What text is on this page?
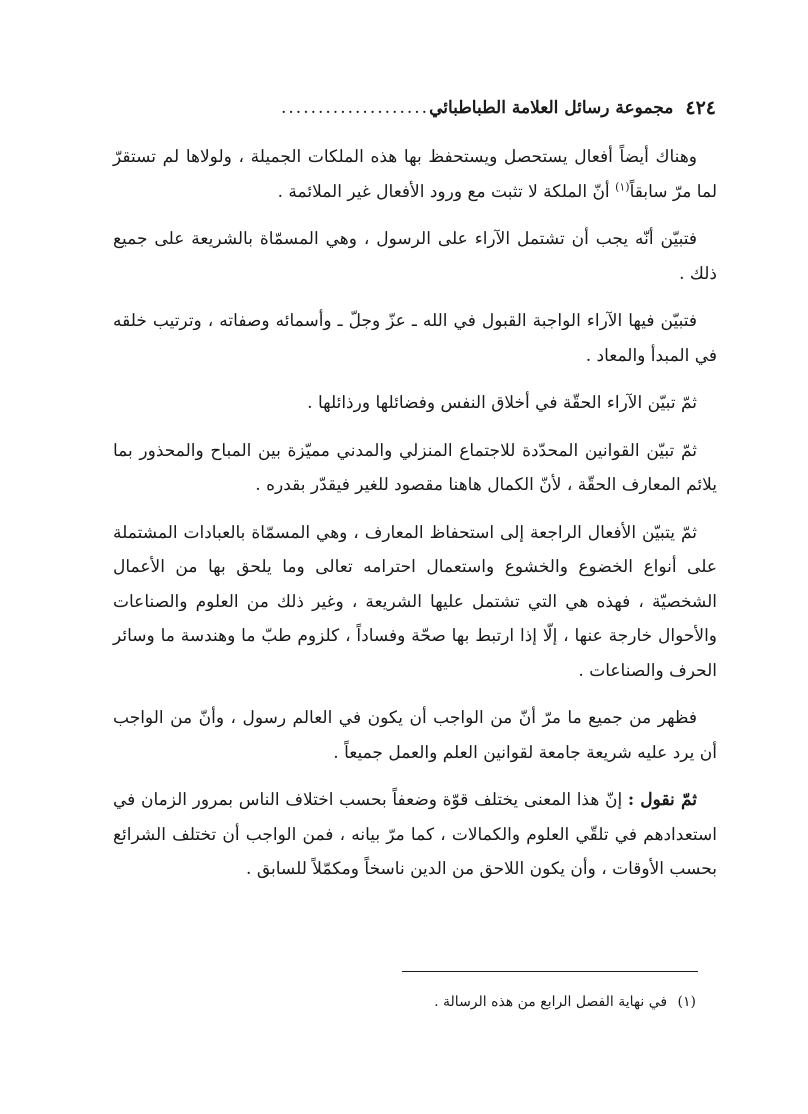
٤٢٤
مجموعة رسائل العلامة الطباطبائي
....................

وهناك أيضاً أفعال يستحصل ويستحفظ بها هذه الملكات الجميلة ، ولولاها لم تستقرّ لما مرّ سابقاً$^{(١)}$ أنّ الملكة لا تثبت مع ورود الأفعال غير الملائمة .

فتبيّن أنّه يجب أن تشتمل الآراء على الرسول ، وهي المسمّاة بالشريعة على جميع ذلك .

فتبيّن فيها الآراء الواجبة القبول في الله ـ عزّ وجلّ ـ وأسمائه وصفاته ، وترتيب خلقه في المبدأ والمعاد .

ثمّ تبيّن الآراء الحقّة في أخلاق النفس وفضائلها ورذائلها .

ثمّ تبيّن القوانين المحدّدة للاجتماع المنزلي والمدني مميّزة بين المباح والمحذور بما يلائم المعارف الحقّة ، لأنّ الكمال هاهنا مقصود للغير فيقدّر بقدره .

ثمّ يتبيّن الأفعال الراجعة إلى استحفاظ المعارف ، وهي المسمّاة بالعبادات المشتملة على أنواع الخضوع والخشوع واستعمال احترامه تعالى وما يلحق بها من الأعمال الشخصيّة ، فهذه هي التي تشتمل عليها الشريعة ، وغير ذلك من العلوم والصناعات والأحوال خارجة عنها ، إلّا إذا ارتبط بها صحّة وفساداً ، كلزوم طبّ ما وهندسة ما وسائر الحرف والصناعات .

فظهر من جميع ما مرّ أنّ من الواجب أن يكون في العالم رسول ، وأنّ من الواجب أن يرد عليه شريعة جامعة لقوانين العلم والعمل جميعاً .

ثمّ نقول : إنّ هذا المعنى يختلف قوّة وضعفاً بحسب اختلاف الناس بمرور الزمان في استعدادهم في تلقّي العلوم والكمالات ، كما مرّ بيانه ، فمن الواجب أن تختلف الشرائع بحسب الأوقات ، وأن يكون اللاحق من الدين ناسخاً ومكمّلاً للسابق .

(١) في نهاية الفصل الرابع من هذه الرسالة .
